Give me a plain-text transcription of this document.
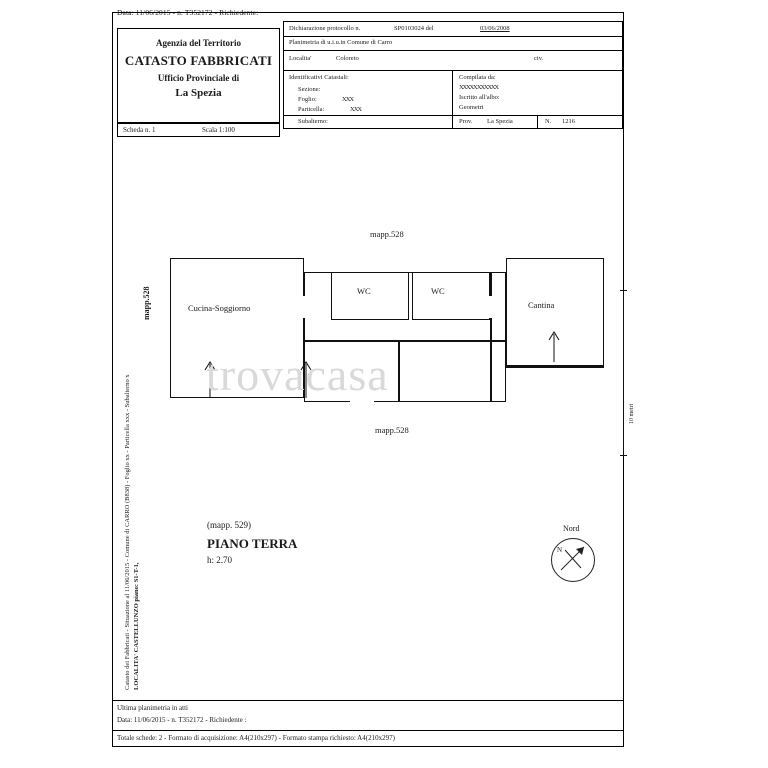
Data: 11/06/2015 - n. T352172 - Richiedente:
Agenzia del Territorio
CATASTO FABBRICATI
Ufficio Provinciale di
La Spezia
Scheda n. 1	Scala 1:100
Dichiarazione protocollo n.	SP0103024 del	03/06/2008
Planimetria di u.i.u.in Comune di Carro
Localita'	Coloreto	civ.
Identificativi Catastali:
Sezione:
Foglio:	XXX
Particella:	XXX
Subalterno:
Compilata da:
XXXXX XXXXXX
Iscritto all'albo:
Geometri
Prov. La Spezia	N. 1216
Catasto dei Fabbricati - Situazione al 11/06/2015 - Comune di CARRO (B838) - Foglio xx - Particella xxx - Subalterno x LOCALITA' CASTELLUNZO piano: S1-T-1,
trovacasa
Cucina-Soggiorno
WC	WC
Cantina
mapp.528
mapp.528
mapp.528
(mapp. 529)
PIANO TERRA
h: 2.70
Nord
N
10 metri
Ultima planimetria in atti
Data: 11/06/2015 - n. T352172 - Richiedente :
Totale schede: 2 - Formato di acquisizione: A4(210x297) - Formato stampa richiesto: A4(210x297)
